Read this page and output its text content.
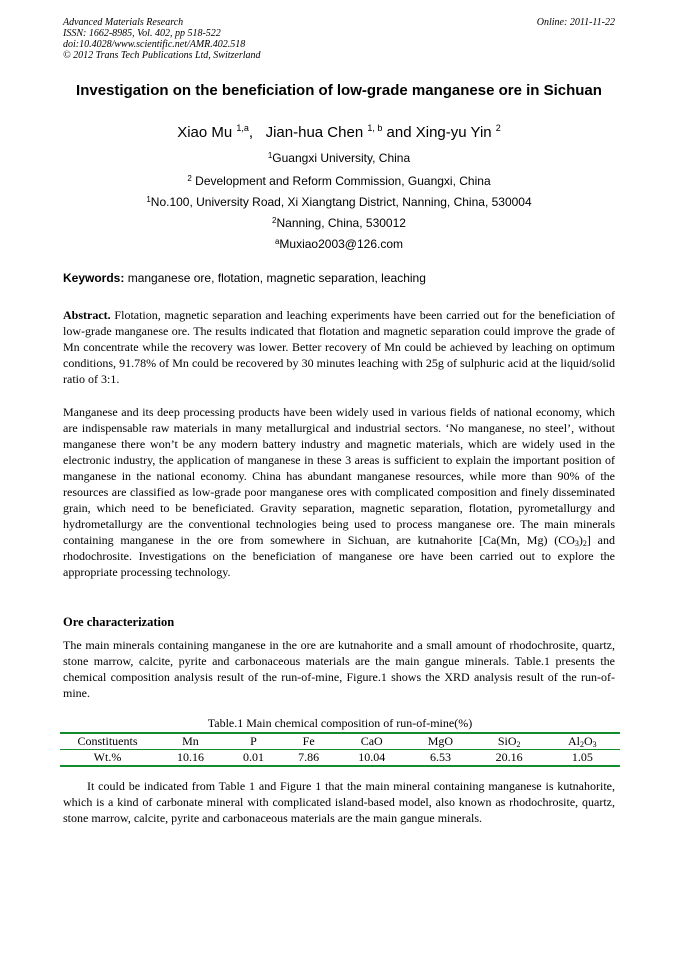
Advanced Materials Research
ISSN: 1662-8985, Vol. 402, pp 518-522
doi:10.4028/www.scientific.net/AMR.402.518
© 2012 Trans Tech Publications Ltd, Switzerland
Online: 2011-11-22
Investigation on the beneficiation of low-grade manganese ore in Sichuan
Xiao Mu $^{1,a}$, Jian-hua Chen $^{1, b}$ and Xing-yu Yin $^2$
$^1$Guangxi University, China
$^2$ Development and Reform Commission, Guangxi, China
$^1$No.100, University Road, Xi Xiangtang District, Nanning, China, 530004
$^2$Nanning, China, 530012
$^a$Muxiao2003@126.com
Keywords: manganese ore, flotation, magnetic separation, leaching
Abstract. Flotation, magnetic separation and leaching experiments have been carried out for the beneficiation of low-grade manganese ore. The results indicated that flotation and magnetic separation could improve the grade of Mn concentrate while the recovery was lower. Better recovery of Mn could be achieved by leaching on optimum conditions, 91.78% of Mn could be recovered by 30 minutes leaching with 25g of sulphuric acid at the liquid/solid ratio of 3:1.
Manganese and its deep processing products have been widely used in various fields of national economy, which are indispensable raw materials in many metallurgical and industrial sectors. ‘No manganese, no steel’, without manganese there won’t be any modern battery industry and magnetic materials, which are widely used in the electronic industry, the application of manganese in these 3 areas is sufficient to explain the important position of manganese in the national economy. China has abundant manganese resources, while more than 90% of the resources are classified as low-grade poor manganese ores with complicated composition and finely disseminated grain, which need to be beneficiated. Gravity separation, magnetic separation, flotation, pyrometallurgy and hydrometallurgy are the conventional technologies being used to process manganese ore. The main minerals containing manganese in the ore from somewhere in Sichuan, are kutnahorite [Ca(Mn, Mg) $(CO_3)_2$] and rhodochrosite. Investigations on the beneficiation of manganese ore have been carried out to explore the appropriate processing technology.
Ore characterization
The main minerals containing manganese in the ore are kutnahorite and a small amount of rhodochrosite, quartz, stone marrow, calcite, pyrite and carbonaceous materials are the main gangue minerals. Table.1 presents the chemical composition analysis result of the run-of-mine, Figure.1 shows the XRD analysis result of the run-of-mine.
Table.1 Main chemical composition of run-of-mine(%)
Constituents	Mn	P	Fe	CaO	MgO	SiO$_2$	$Al_2O_3$
Wt.%	10.16	0.01	7.86	10.04	6.53	20.16	1.05
It could be indicated from Table 1 and Figure 1 that the main mineral containing manganese is kutnahorite, which is a kind of carbonate mineral with complicated island-based model, also known as rhodochrosite, quartz, stone marrow, calcite, pyrite and carbonaceous materials are the main gangue minerals.
